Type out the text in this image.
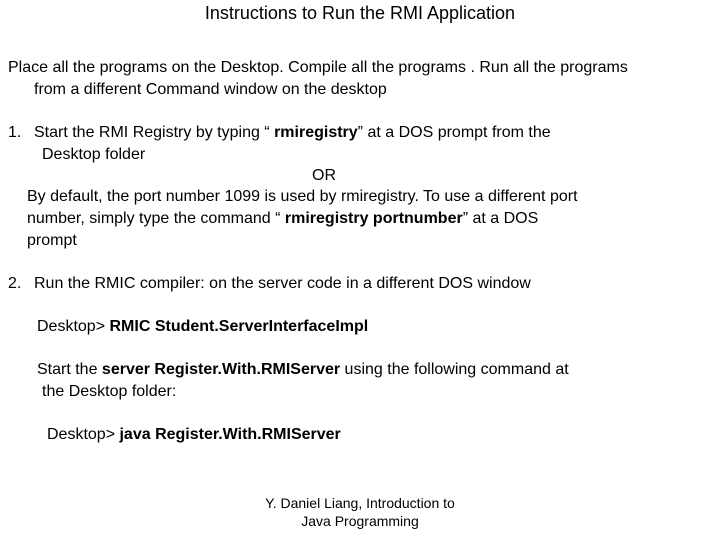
Instructions to Run the RMI Application
Place all the programs on the Desktop. Compile all the programs . Run all the programs
from a different Command window on the desktop
1. Start the RMI Registry by typing “ rmiregistry” at a DOS prompt from the
Desktop folder
OR
By default, the port number 1099 is used by rmiregistry. To use a different port
number, simply type the command “ rmiregistry portnumber” at a DOS
prompt
2. Run the RMIC compiler: on the server code in a different DOS window
Desktop> RMIC Student.ServerInterfaceImpl
Start the server Register.With.RMIServer using the following command at
the Desktop folder:
Desktop> java Register.With.RMIServer
Y. Daniel Liang, Introduction to
Java Programming
